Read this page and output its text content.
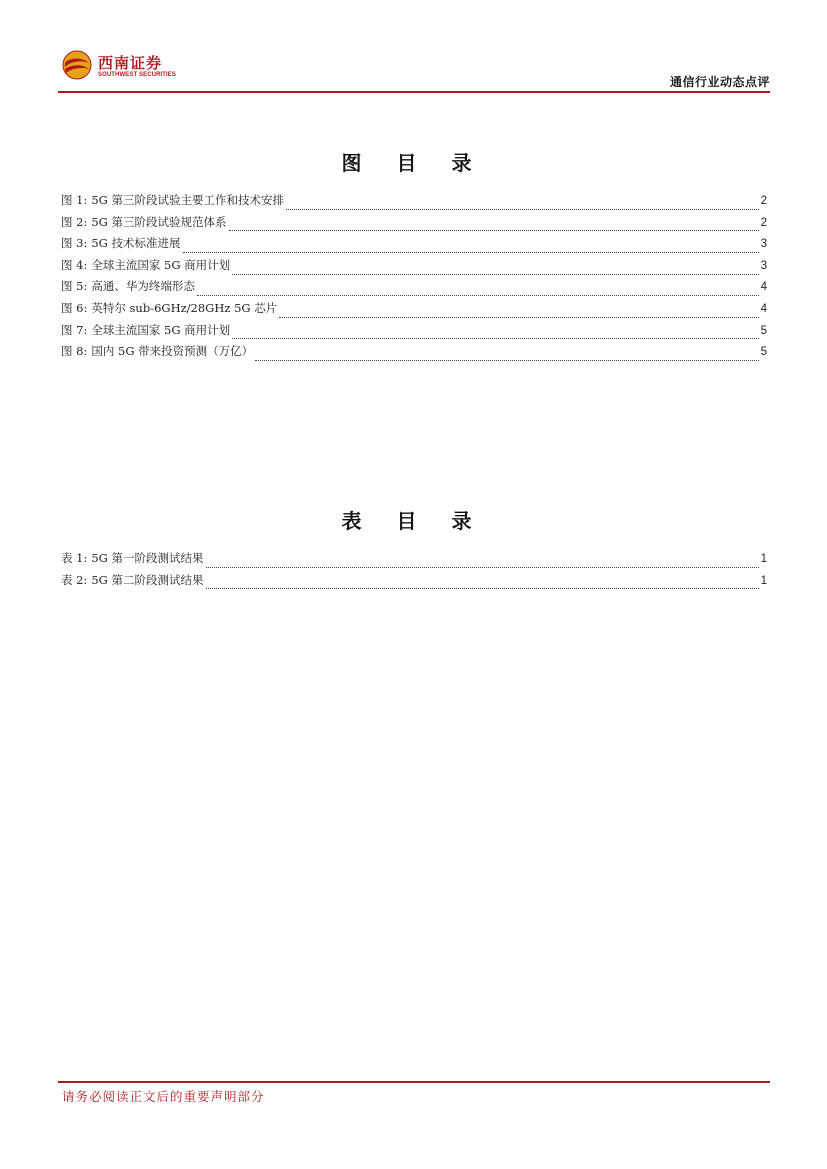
西南证券
SOUTHWEST SECURITIES	通信行业动态点评
图 目 录
图 1: 5G 第三阶段试验主要工作和技术安排	2
图 2: 5G 第三阶段试验规范体系	2
图 3: 5G 技术标准进展	3
图 4: 全球主流国家 5G 商用计划	3
图 5: 高通、华为终端形态	4
图 6: 英特尔 sub-6GHz/28GHz 5G 芯片	4
图 7: 全球主流国家 5G 商用计划	5
图 8: 国内 5G 带来投资预测（万亿）	5
表 目 录
表 1: 5G 第一阶段测试结果	1
表 2: 5G 第二阶段测试结果	1
请务必阅读正文后的重要声明部分
